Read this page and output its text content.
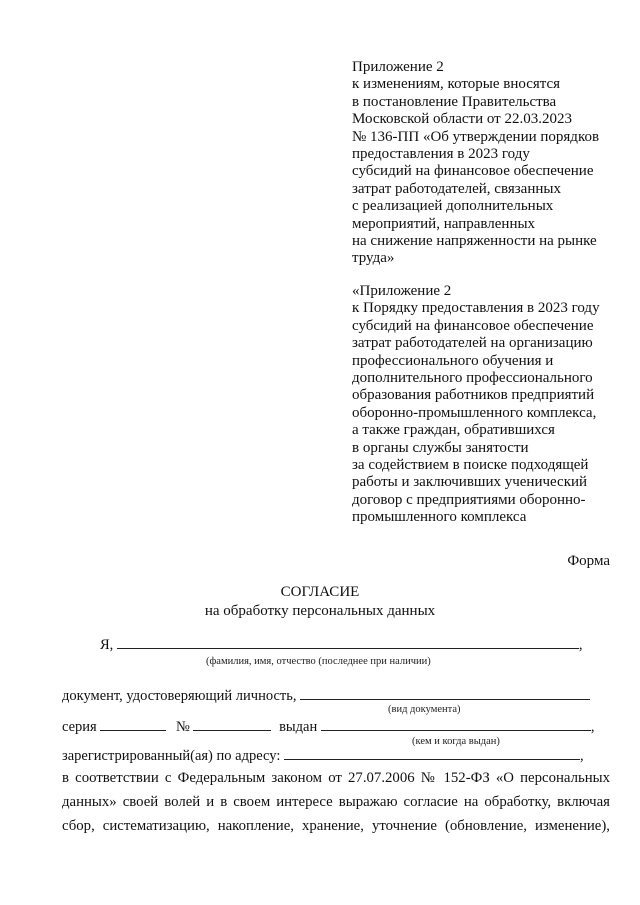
Приложение 2
к изменениям, которые вносятся
в постановление Правительства
Московской области от 22.03.2023
№ 136-ПП «Об утверждении порядков
предоставления в 2023 году
субсидий на финансовое обеспечение
затрат работодателей, связанных
с реализацией дополнительных
мероприятий, направленных
на снижение напряженности на рынке
труда»
«Приложение 2
к Порядку предоставления в 2023 году
субсидий на финансовое обеспечение
затрат работодателей на организацию
профессионального обучения и
дополнительного профессионального
образования работников предприятий
оборонно-промышленного комплекса,
а также граждан, обратившихся
в органы службы занятости
за содействием в поиске подходящей
работы и заключивших ученический
договор с предприятиями оборонно-
промышленного комплекса
Форма
СОГЛАСИЕ
на обработку персональных данных
Я,	,
(фамилия, имя, отчество (последнее при наличии)
документ, удостоверяющий личность,
(вид документа)
серия	№	выдан	,
(кем и когда выдан)
зарегистрированный(ая) по адресу:	,
в соответствии с Федеральным законом от 27.07.2006 № 152-ФЗ «О персональных
данных» своей волей и в своем интересе выражаю согласие на обработку, включая
сбор, систематизацию, накопление, хранение, уточнение (обновление, изменение),
